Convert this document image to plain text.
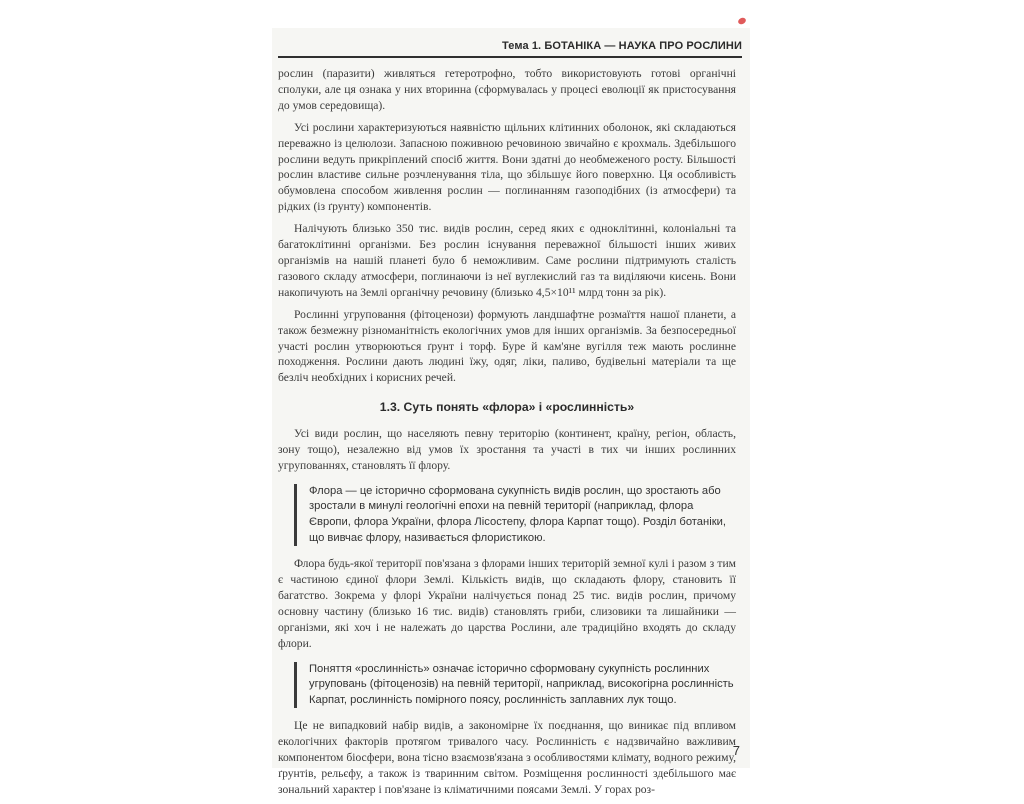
Тема 1. БОТАНІКА — НАУКА ПРО РОСЛИНИ

рослин (паразити) живляться гетеротрофно, тобто використовують готові органічні сполуки, але ця ознака у них вторинна (сформувалась у процесі еволюції як пристосування до умов середовища).

Усі рослини характеризуються наявністю щільних клітинних оболонок, які складаються переважно із целюлози. Запасною поживною речовиною звичайно є крохмаль. Здебільшого рослини ведуть прикріплений спосіб життя. Вони здатні до необмеженого росту. Більшості рослин властиве сильне розчленування тіла, що збільшує його поверхню. Ця особливість обумовлена способом живлення рослин — поглинанням газоподібних (із атмосфери) та рідких (із ґрунту) компонентів.

Налічують близько 350 тис. видів рослин, серед яких є одноклітинні, колоніальні та багатоклітинні організми. Без рослин існування переважної більшості інших живих організмів на нашій планеті було б неможливим. Саме рослини підтримують сталість газового складу атмосфери, поглинаючи із неї вуглекислий газ та виділяючи кисень. Вони накопичують на Землі органічну речовину (близько 4,5×10¹¹ млрд тонн за рік).

Рослинні угруповання (фітоценози) формують ландшафтне розмаїття нашої планети, а також безмежну різноманітність екологічних умов для інших організмів. За безпосередньої участі рослин утворюються ґрунт і торф. Буре й кам'яне вугілля теж мають рослинне походження. Рослини дають людині їжу, одяг, ліки, паливо, будівельні матеріали та ще безліч необхідних і корисних речей.

1.3. Суть понять «флора» і «рослинність»

Усі види рослин, що населяють певну територію (континент, країну, регіон, область, зону тощо), незалежно від умов їх зростання та участі в тих чи інших рослинних угрупованнях, становлять її флору.

Флора — це історично сформована сукупність видів рослин, що зростають або зростали в минулі геологічні епохи на певній території (наприклад, флора Європи, флора України, флора Лісостепу, флора Карпат тощо). Розділ ботаніки, що вивчає флору, називається флористикою.

Флора будь-якої території пов'язана з флорами інших територій земної кулі і разом з тим є частиною єдиної флори Землі. Кількість видів, що складають флору, становить її багатство. Зокрема у флорі України налічується понад 25 тис. видів рослин, причому основну частину (близько 16 тис. видів) становлять гриби, слизовики та лишайники — організми, які хоч і не належать до царства Рослини, але традиційно входять до складу флори.

Поняття «рослинність» означає історично сформовану сукупність рослинних угруповань (фітоценозів) на певній території, наприклад, високогірна рослинність Карпат, рослинність помірного поясу, рослинність заплавних лук тощо.

Це не випадковий набір видів, а закономірне їх поєднання, що виникає під впливом екологічних факторів протягом тривалого часу. Рослинність є надзвичайно важливим компонентом біосфери, вона тісно взаємозв'язана з особливостями клімату, водного режиму, ґрунтів, рельєфу, а також із тваринним світом. Розміщення рослинності здебільшого має зональний характер і пов'язане із кліматичними поясами Землі. У горах роз-

7
